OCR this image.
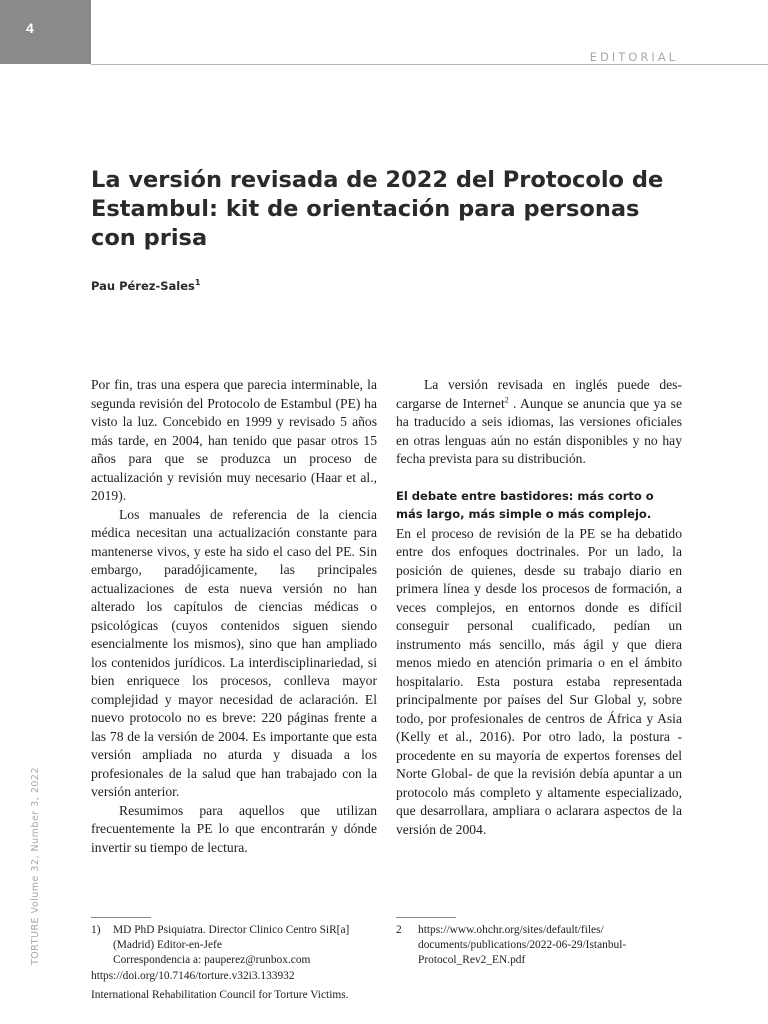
4
EDITORIAL
La versión revisada de 2022 del Protocolo de Estambul: kit de orientación para personas con prisa
Pau Pérez-Sales$^1$

Por fin, tras una espera que parecia interminable, la segunda revisión del Protocolo de Estambul (PE) ha visto la luz. Concebido en 1999 y revisado 5 años más tarde, en 2004, han tenido que pasar otros 15 años para que se produzca un proceso de actualización y revisión muy necesario (Haar et al., 2019).

Los manuales de referencia de la ciencia médica necesitan una actualización constante para mantenerse vivos, y este ha sido el caso del PE. Sin embargo, paradójicamente, las principales actualizaciones de esta nueva versión no han alterado los capítulos de ciencias médicas o psicológicas (cuyos contenidos siguen siendo esencialmente los mismos), sino que han ampliado los contenidos jurídicos. La interdisciplinariedad, si bien enriquece los procesos, conlleva mayor complejidad y mayor necesidad de aclaración. El nuevo protocolo no es breve: 220 páginas frente a las 78 de la versión de 2004. Es importante que esta versión ampliada no aturda y disuada a los profesionales de la salud que han trabajado con la versión anterior.

Resumimos para aquellos que utilizan frecuentemente la PE lo que encontrarán y dónde invertir su tiempo de lectura.

La versión revisada en inglés puede descargarse de Internet$^2$ . Aunque se anuncia que ya se ha traducido a seis idiomas, las versiones oficiales en otras lenguas aún no están disponibles y no hay fecha prevista para su distribución.

El debate entre bastidores: más corto o más largo, más simple o más complejo.

En el proceso de revisión de la PE se ha debatido entre dos enfoques doctrinales. Por un lado, la posición de quienes, desde su trabajo diario en primera línea y desde los procesos de formación, a veces complejos, en entornos donde es difícil conseguir personal cualificado, pedían un instrumento más sencillo, más ágil y que diera menos miedo en atención primaria o en el ámbito hospitalario. Esta postura estaba representada principalmente por países del Sur Global y, sobre todo, por profesionales de centros de África y Asia (Kelly et al., 2016). Por otro lado, la postura -procedente en su mayoría de expertos forenses del Norte Global- de que la revisión debía apuntar a un protocolo más completo y altamente especializado, que desarrollara, ampliara o aclarara aspectos de la versión de 2004.

1) MD PhD Psiquiatra. Director Clinico Centro SiR[a] (Madrid) Editor-en-Jefe
Correspondencia a: pauperez@runbox.com
2 https://www.ohchr.org/sites/default/files/ documents/publications/2022-06-29/Istanbul-Protocol_Rev2_EN.pdf
https://doi.org/10.7146/torture.v32i3.133932
International Rehabilitation Council for Torture Victims.
TORTURE Volume 32, Number 3, 2022
